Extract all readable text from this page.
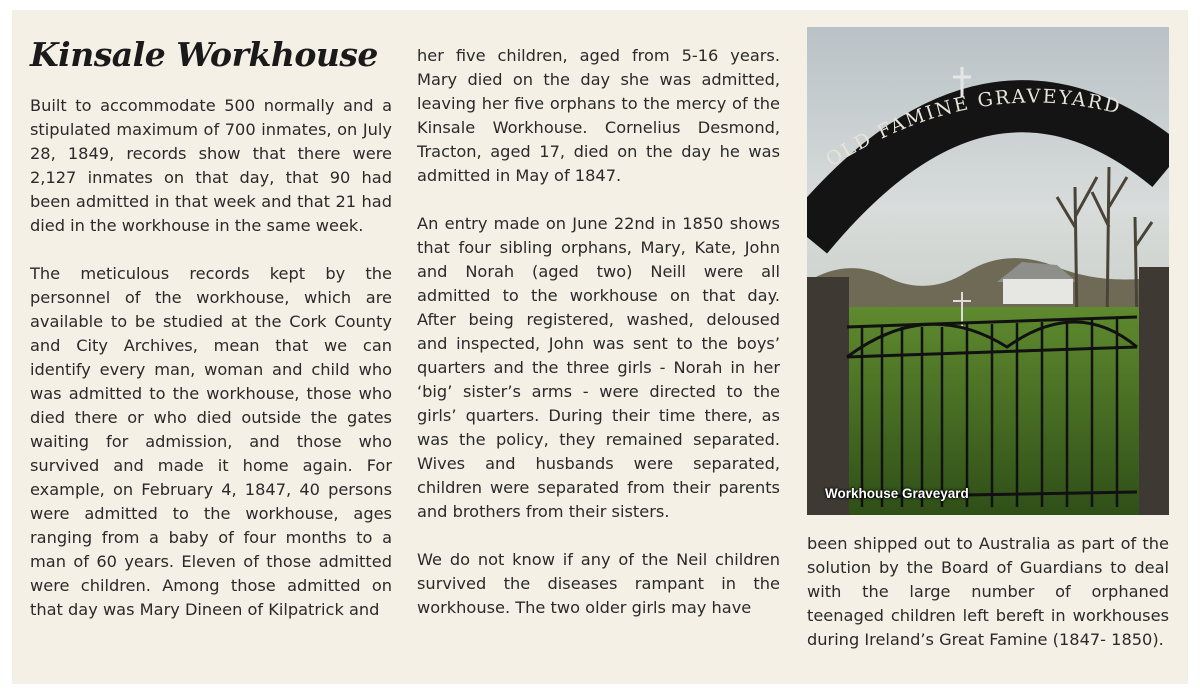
Kinsale Workhouse

Built to accommodate 500 normally and a stipulated maximum of 700 inmates, on July 28, 1849, records show that there were 2,127 inmates on that day, that 90 had been admitted in that week and that 21 had died in the workhouse in the same week.

The meticulous records kept by the personnel of the workhouse, which are available to be studied at the Cork County and City Archives, mean that we can identify every man, woman and child who was admitted to the workhouse, those who died there or who died outside the gates waiting for admission, and those who survived and made it home again. For example, on February 4, 1847, 40 persons were admitted to the workhouse, ages ranging from a baby of four months to a man of 60 years. Eleven of those admitted were children. Among those admitted on that day was Mary Dineen of Kilpatrick and

her five children, aged from 5-16 years. Mary died on the day she was admitted, leaving her five orphans to the mercy of the Kinsale Workhouse. Cornelius Desmond, Tracton, aged 17, died on the day he was admitted in May of 1847.

An entry made on June 22nd in 1850 shows that four sibling orphans, Mary, Kate, John and Norah (aged two) Neill were all admitted to the workhouse on that day. After being registered, washed, deloused and inspected, John was sent to the boys’ quarters and the three girls - Norah in her ‘big’ sister’s arms - were directed to the girls’ quarters. During their time there, as was the policy, they remained separated. Wives and husbands were separated, children were separated from their parents and brothers from their sisters.

We do not know if any of the Neil children survived the diseases rampant in the workhouse. The two older girls may have

OLD FAMINE GRAVEYARD
Workhouse Graveyard

been shipped out to Australia as part of the solution by the Board of Guardians to deal with the large number of orphaned teenaged children left bereft in workhouses during Ireland’s Great Famine (1847- 1850).
